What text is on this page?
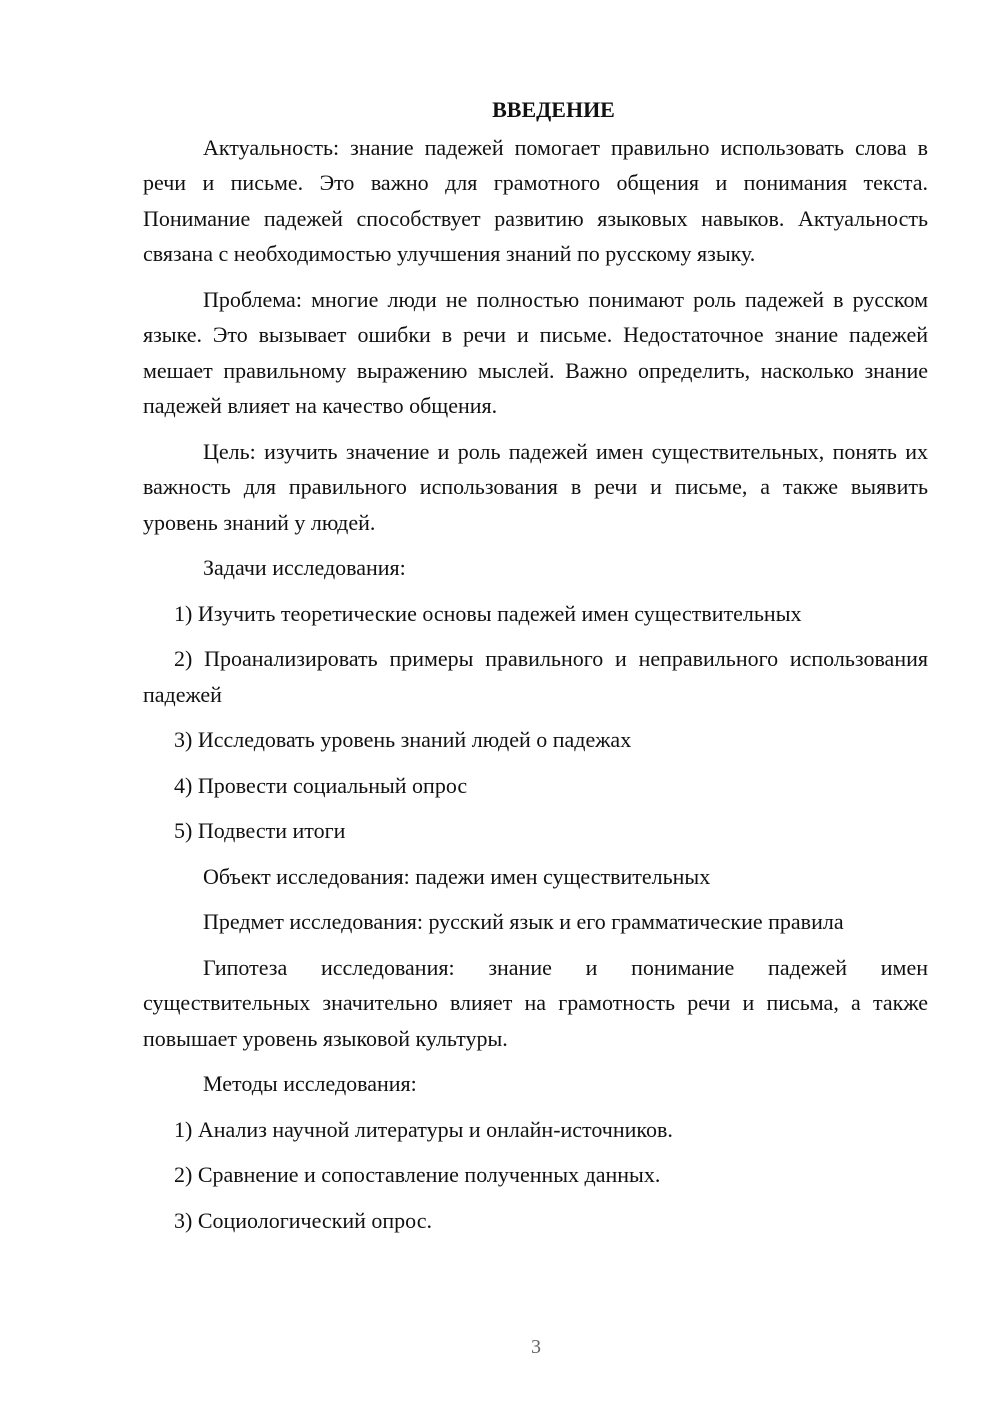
ВВЕДЕНИЕ

Актуальность: знание падежей помогает правильно использовать слова в речи и письме. Это важно для грамотного общения и понимания текста. Понимание падежей способствует развитию языковых навыков. Актуальность связана с необходимостью улучшения знаний по русскому языку.

Проблема: многие люди не полностью понимают роль падежей в русском языке. Это вызывает ошибки в речи и письме. Недостаточное знание падежей мешает правильному выражению мыслей. Важно определить, насколько знание падежей влияет на качество общения.

Цель: изучить значение и роль падежей имен существительных, понять их важность для правильного использования в речи и письме, а также выявить уровень знаний у людей.

Задачи исследования:

1) Изучить теоретические основы падежей имен существительных

2) Проанализировать примеры правильного и неправильного использования падежей

3) Исследовать уровень знаний людей о падежах

4) Провести социальный опрос

5) Подвести итоги

Объект исследования: падежи имен существительных

Предмет исследования: русский язык и его грамматические правила

Гипотеза исследования: знание и понимание падежей имен существительных значительно влияет на грамотность речи и письма, а также повышает уровень языковой культуры.

Методы исследования:

1) Анализ научной литературы и онлайн-источников.

2) Сравнение и сопоставление полученных данных.

3) Социологический опрос.

3
